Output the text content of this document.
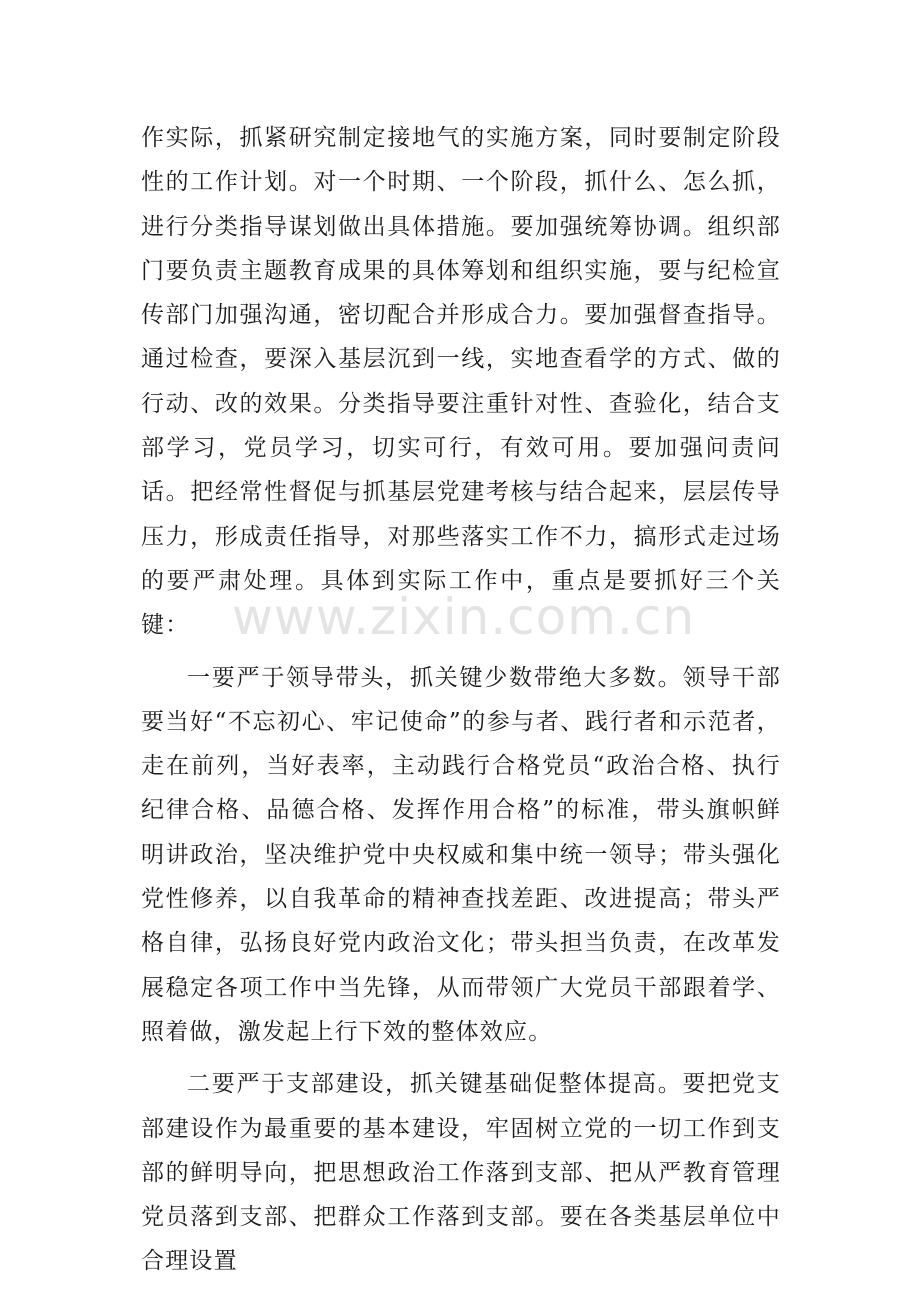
作实际，抓紧研究制定接地气的实施方案，同时要制定阶段性的工作计划。对一个时期、一个阶段，抓什么、怎么抓，进行分类指导谋划做出具体措施。要加强统筹协调。组织部门要负责主题教育成果的具体筹划和组织实施，要与纪检宣传部门加强沟通，密切配合并形成合力。要加强督查指导。通过检查，要深入基层沉到一线，实地查看学的方式、做的行动、改的效果。分类指导要注重针对性、查验化，结合支部学习，党员学习，切实可行，有效可用。要加强问责问话。把经常性督促与抓基层党建考核与结合起来，层层传导压力，形成责任指导，对那些落实工作不力，搞形式走过场的要严肃处理。具体到实际工作中，重点是要抓好三个关键：

一要严于领导带头，抓关键少数带绝大多数。领导干部要当好“不忘初心、牢记使命”的参与者、践行者和示范者，走在前列，当好表率，主动践行合格党员“政治合格、执行纪律合格、品德合格、发挥作用合格”的标准，带头旗帜鲜明讲政治，坚决维护党中央权威和集中统一领导；带头强化党性修养，以自我革命的精神查找差距、改进提高；带头严格自律，弘扬良好党内政治文化；带头担当负责，在改革发展稳定各项工作中当先锋，从而带领广大党员干部跟着学、照着做，激发起上行下效的整体效应。

二要严于支部建设，抓关键基础促整体提高。要把党支部建设作为最重要的基本建设，牢固树立党的一切工作到支部的鲜明导向，把思想政治工作落到支部、把从严教育管理党员落到支部、把群众工作落到支部。要在各类基层单位中合理设置

www.zixin.com.cn
